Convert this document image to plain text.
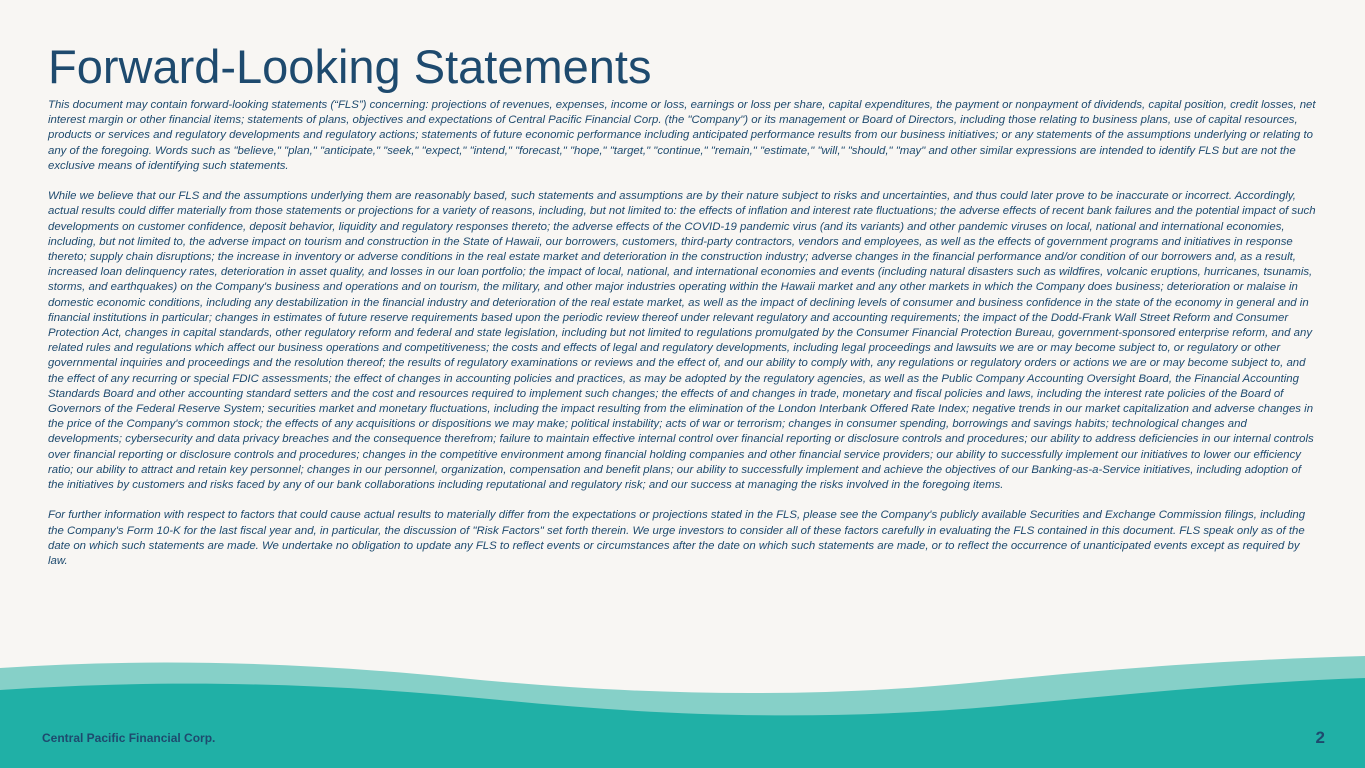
Forward-Looking Statements

This document may contain forward-looking statements (“FLS”) concerning: projections of revenues, expenses, income or loss, earnings or loss per share, capital expenditures, the payment or nonpayment of dividends, capital position, credit losses, net interest margin or other financial items; statements of plans, objectives and expectations of Central Pacific Financial Corp. (the "Company") or its management or Board of Directors, including those relating to business plans, use of capital resources, products or services and regulatory developments and regulatory actions; statements of future economic performance including anticipated performance results from our business initiatives; or any statements of the assumptions underlying or relating to any of the foregoing. Words such as "believe," "plan," "anticipate," "seek," "expect," "intend," "forecast," "hope," "target," "continue," "remain," "estimate," "will," "should," "may" and other similar expressions are intended to identify FLS but are not the exclusive means of identifying such statements.

While we believe that our FLS and the assumptions underlying them are reasonably based, such statements and assumptions are by their nature subject to risks and uncertainties, and thus could later prove to be inaccurate or incorrect. Accordingly, actual results could differ materially from those statements or projections for a variety of reasons, including, but not limited to: the effects of inflation and interest rate fluctuations; the adverse effects of recent bank failures and the potential impact of such developments on customer confidence, deposit behavior, liquidity and regulatory responses thereto; the adverse effects of the COVID-19 pandemic virus (and its variants) and other pandemic viruses on local, national and international economies, including, but not limited to, the adverse impact on tourism and construction in the State of Hawaii, our borrowers, customers, third-party contractors, vendors and employees, as well as the effects of government programs and initiatives in response thereto; supply chain disruptions; the increase in inventory or adverse conditions in the real estate market and deterioration in the construction industry; adverse changes in the financial performance and/or condition of our borrowers and, as a result, increased loan delinquency rates, deterioration in asset quality, and losses in our loan portfolio; the impact of local, national, and international economies and events (including natural disasters such as wildfires, volcanic eruptions, hurricanes, tsunamis, storms, and earthquakes) on the Company's business and operations and on tourism, the military, and other major industries operating within the Hawaii market and any other markets in which the Company does business; deterioration or malaise in domestic economic conditions, including any destabilization in the financial industry and deterioration of the real estate market, as well as the impact of declining levels of consumer and business confidence in the state of the economy in general and in financial institutions in particular; changes in estimates of future reserve requirements based upon the periodic review thereof under relevant regulatory and accounting requirements; the impact of the Dodd-Frank Wall Street Reform and Consumer Protection Act, changes in capital standards, other regulatory reform and federal and state legislation, including but not limited to regulations promulgated by the Consumer Financial Protection Bureau, government-sponsored enterprise reform, and any related rules and regulations which affect our business operations and competitiveness; the costs and effects of legal and regulatory developments, including legal proceedings and lawsuits we are or may become subject to, or regulatory or other governmental inquiries and proceedings and the resolution thereof; the results of regulatory examinations or reviews and the effect of, and our ability to comply with, any regulations or regulatory orders or actions we are or may become subject to, and the effect of any recurring or special FDIC assessments; the effect of changes in accounting policies and practices, as may be adopted by the regulatory agencies, as well as the Public Company Accounting Oversight Board, the Financial Accounting Standards Board and other accounting standard setters and the cost and resources required to implement such changes; the effects of and changes in trade, monetary and fiscal policies and laws, including the interest rate policies of the Board of Governors of the Federal Reserve System; securities market and monetary fluctuations, including the impact resulting from the elimination of the London Interbank Offered Rate Index; negative trends in our market capitalization and adverse changes in the price of the Company's common stock; the effects of any acquisitions or dispositions we may make; political instability; acts of war or terrorism; changes in consumer spending, borrowings and savings habits; technological changes and developments; cybersecurity and data privacy breaches and the consequence therefrom; failure to maintain effective internal control over financial reporting or disclosure controls and procedures; our ability to address deficiencies in our internal controls over financial reporting or disclosure controls and procedures; changes in the competitive environment among financial holding companies and other financial service providers; our ability to successfully implement our initiatives to lower our efficiency ratio; our ability to attract and retain key personnel; changes in our personnel, organization, compensation and benefit plans; our ability to successfully implement and achieve the objectives of our Banking-as-a-Service initiatives, including adoption of the initiatives by customers and risks faced by any of our bank collaborations including reputational and regulatory risk; and our success at managing the risks involved in the foregoing items.

For further information with respect to factors that could cause actual results to materially differ from the expectations or projections stated in the FLS, please see the Company's publicly available Securities and Exchange Commission filings, including the Company's Form 10-K for the last fiscal year and, in particular, the discussion of "Risk Factors" set forth therein. We urge investors to consider all of these factors carefully in evaluating the FLS contained in this document. FLS speak only as of the date on which such statements are made. We undertake no obligation to update any FLS to reflect events or circumstances after the date on which such statements are made, or to reflect the occurrence of unanticipated events except as required by law.

Central Pacific Financial Corp.	2
